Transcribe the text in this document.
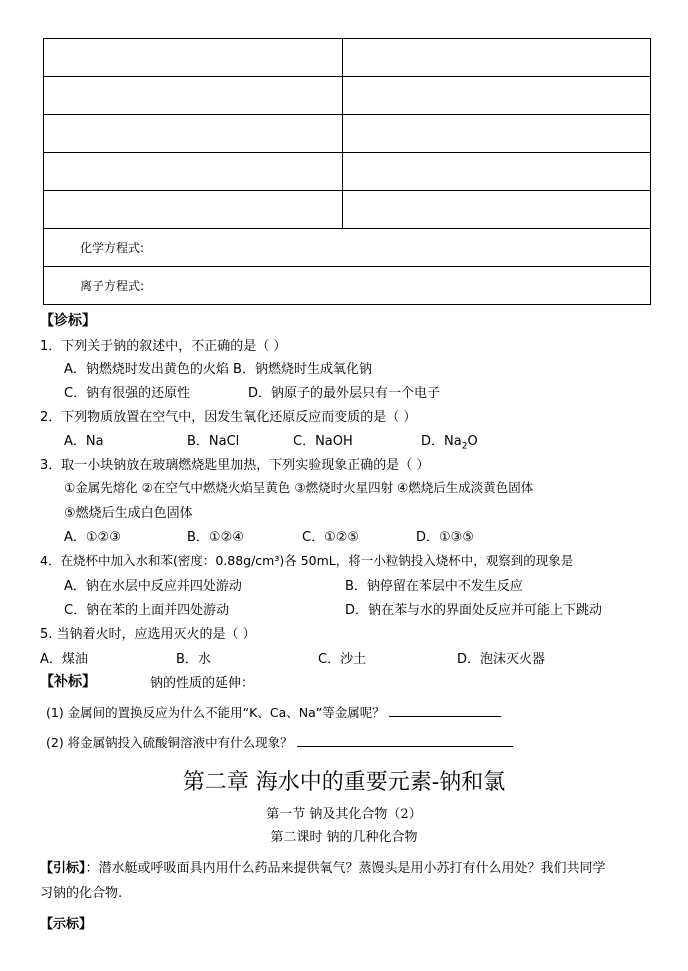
化学方程式:	
离子方程式:	
【诊标】
1．下列关于钠的叙述中，不正确的是（ ）
A．钠燃烧时发出黄色的火焰 B．钠燃烧时生成氧化钠
C．钠有很强的还原性	D．钠原子的最外层只有一个电子
2．下列物质放置在空气中，因发生氧化还原反应而变质的是（ ）
A．Na	B．NaCl	C．NaOH	D．$Na_2O$
3．取一小块钠放在玻璃燃烧匙里加热，下列实验现象正确的是（ ）
①金属先熔化 ②在空气中燃烧火焰呈黄色 ③燃烧时火星四射 ④燃烧后生成淡黄色固体
⑤燃烧后生成白色固体
A．①②③	B．①②④	C．①②⑤	D．①③⑤
4．在烧杯中加入水和苯(密度：0.88g/cm³)各 50mL，将一小粒钠投入烧杯中，观察到的现象是
A．钠在水层中反应并四处游动	B．钠停留在苯层中不发生反应
C．钠在苯的上面并四处游动	D．钠在苯与水的界面处反应并可能上下跳动
5. 当钠着火时，应选用灭火的是（ ）
A．煤油	B．水	C．沙土	D．泡沫灭火器
【补标】	钠的性质的延伸：
(1) 金属间的置换反应为什么不能用“K、Ca、Na”等金属呢？
(2) 将金属钠投入硫酸铜溶液中有什么现象？
第二章 海水中的重要元素-钠和氯
第一节 钠及其化合物（2）
第二课时 钠的几种化合物
【引标】：潜水艇或呼吸面具内用什么药品来提供氧气？蒸馒头是用小苏打有什么用处？我们共同学
习钠的化合物.
【示标】
